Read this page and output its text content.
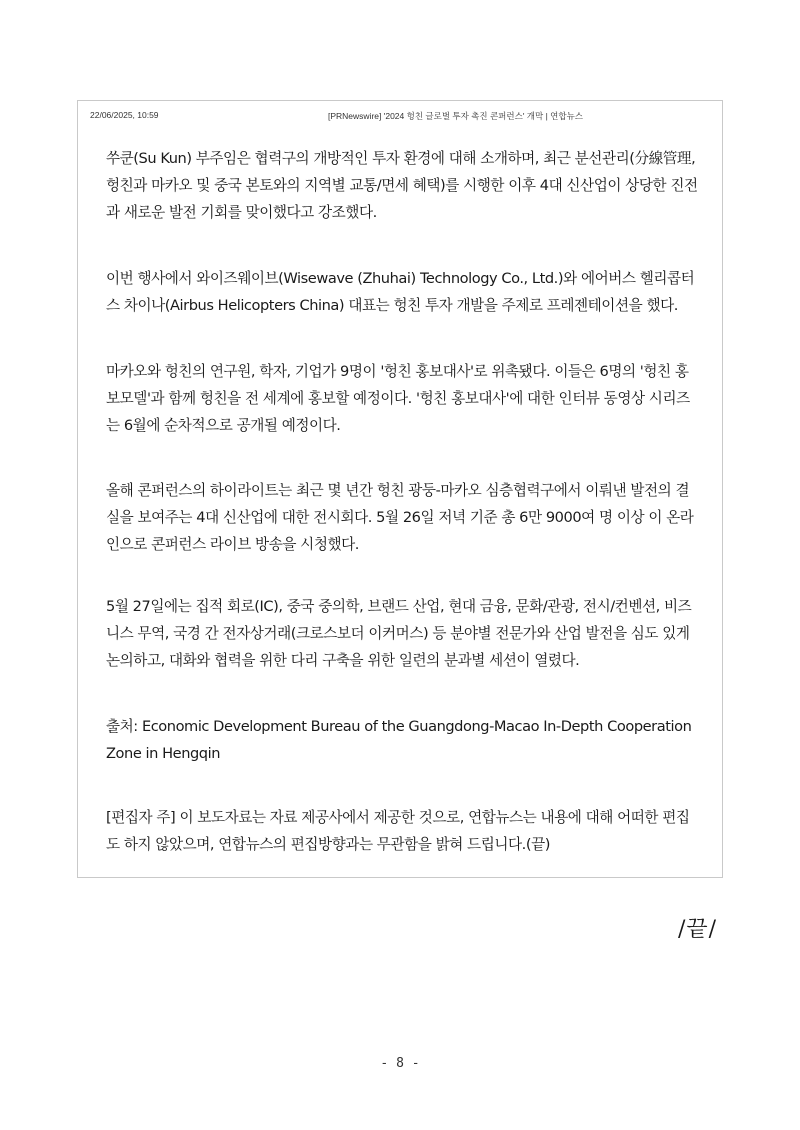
22/06/2025, 10:59	[PRNewswire] '2024 헝친 글로벌 투자 촉진 콘퍼런스' 개막 | 연합뉴스

쑤쿤(Su Kun) 부주임은 협력구의 개방적인 투자 환경에 대해 소개하며, 최근 분선관리(分線管理, 헝친과 마카오 및 중국 본토와의 지역별 교통/면세 혜택)를 시행한 이후 4대 신산업이 상당한 진전과 새로운 발전 기회를 맞이했다고 강조했다.

이번 행사에서 와이즈웨이브(Wisewave (Zhuhai) Technology Co., Ltd.)와 에어버스 헬리콥터스 차이나(Airbus Helicopters China) 대표는 헝친 투자 개발을 주제로 프레젠테이션을 했다.

마카오와 헝친의 연구원, 학자, 기업가 9명이 '헝친 홍보대사'로 위촉됐다. 이들은 6명의 '헝친 홍보모델'과 함께 헝친을 전 세계에 홍보할 예정이다. '헝친 홍보대사'에 대한 인터뷰 동영상 시리즈는 6월에 순차적으로 공개될 예정이다.

올해 콘퍼런스의 하이라이트는 최근 몇 년간 헝친 광둥-마카오 심층협력구에서 이뤄낸 발전의 결실을 보여주는 4대 신산업에 대한 전시회다. 5월 26일 저녁 기준 총 6만 9000여 명 이상 이 온라인으로 콘퍼런스 라이브 방송을 시청했다.

5월 27일에는 집적 회로(IC), 중국 중의학, 브랜드 산업, 현대 금융, 문화/관광, 전시/컨벤션, 비즈니스 무역, 국경 간 전자상거래(크로스보더 이커머스) 등 분야별 전문가와 산업 발전을 심도 있게 논의하고, 대화와 협력을 위한 다리 구축을 위한 일련의 분과별 세션이 열렸다.

출처: Economic Development Bureau of the Guangdong-Macao In-Depth Cooperation Zone in Hengqin

[편집자 주] 이 보도자료는 자료 제공사에서 제공한 것으로, 연합뉴스는 내용에 대해 어떠한 편집도 하지 않았으며, 연합뉴스의 편집방향과는 무관함을 밝혀 드립니다.(끝)

/끝/
- 8 -
